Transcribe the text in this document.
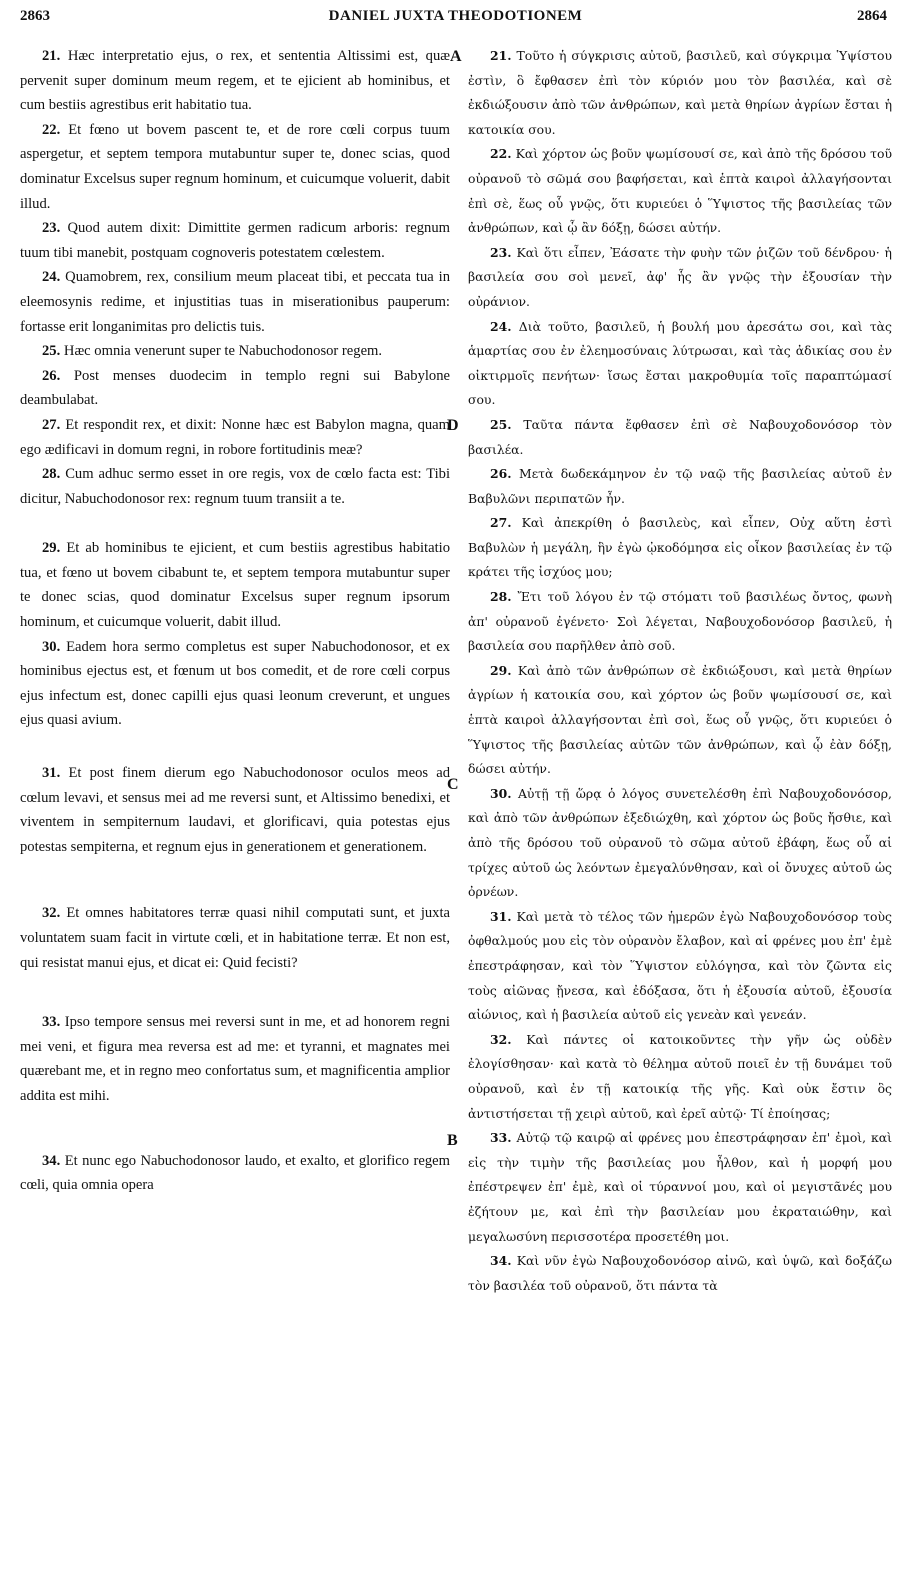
2863	DANIEL JUXTA THEODOTIONEM	2864
A
D
C
B

21. Hæc interpretatio ejus, o rex, et sententia Altissimi est, quæ pervenit super dominum meum regem, et te ejicient ab hominibus, et cum bestiis agrestibus erit habitatio tua.

22. Et fœno ut bovem pascent te, et de rore cœli corpus tuum aspergetur, et septem tempora mutabuntur super te, donec scias, quod dominatur Excelsus super regnum hominum, et cuicumque voluerit, dabit illud.

23. Quod autem dixit: Dimittite germen radicum arboris: regnum tuum tibi manebit, postquam cognoveris potestatem cœlestem.

24. Quamobrem, rex, consilium meum placeat tibi, et peccata tua in eleemosynis redime, et injustitias tuas in miserationibus pauperum: fortasse erit longanimitas pro delictis tuis.

25. Hæc omnia venerunt super te Nabuchodonosor regem.

26. Post menses duodecim in templo regni sui Babylone deambulabat.

27. Et respondit rex, et dixit: Nonne hæc est Babylon magna, quam ego ædificavi in domum regni, in robore fortitudinis meæ?

28. Cum adhuc sermo esset in ore regis, vox de cœlo facta est: Tibi dicitur, Nabuchodonosor rex: regnum tuum transiit a te.

29. Et ab hominibus te ejicient, et cum bestiis agrestibus habitatio tua, et fœno ut bovem cibabunt te, et septem tempora mutabuntur super te donec scias, quod dominatur Excelsus super regnum ipsorum hominum, et cuicumque voluerit, dabit illud.

30. Eadem hora sermo completus est super Nabuchodonosor, et ex hominibus ejectus est, et fœnum ut bos comedit, et de rore cœli corpus ejus infectum est, donec capilli ejus quasi leonum creverunt, et ungues ejus quasi avium.

31. Et post finem dierum ego Nabuchodonosor oculos meos ad cœlum levavi, et sensus mei ad me reversi sunt, et Altissimo benedixi, et viventem in sempiternum laudavi, et glorificavi, quia potestas ejus potestas sempiterna, et regnum ejus in generationem et generationem.

32. Et omnes habitatores terræ quasi nihil computati sunt, et juxta voluntatem suam facit in virtute cœli, et in habitatione terræ. Et non est, qui resistat manui ejus, et dicat ei: Quid fecisti?

33. Ipso tempore sensus mei reversi sunt in me, et ad honorem regni mei veni, et figura mea reversa est ad me: et tyranni, et magnates mei quærebant me, et in regno meo confortatus sum, et magnificentia amplior addita est mihi.

34. Et nunc ego Nabuchodonosor laudo, et exalto, et glorifico regem cœli, quia omnia opera

21. Τοῦτο ἡ σύγκρισις αὐτοῦ, βασιλεῦ, καὶ σύγκριμα Ὑψίστου ἐστὶν, ὃ ἔφθασεν ἐπὶ τὸν κύριόν μου τὸν βασιλέα, καὶ σὲ ἐκδιώξουσιν ἀπὸ τῶν ἀνθρώπων, καὶ μετὰ θηρίων ἀγρίων ἔσται ἡ κατοικία σου.

22. Καὶ χόρτον ὡς βοῦν ψωμίσουσί σε, καὶ ἀπὸ τῆς δρόσου τοῦ οὐρανοῦ τὸ σῶμά σου βαφήσεται, καὶ ἑπτὰ καιροὶ ἀλλαγήσονται ἐπὶ σὲ, ἕως οὗ γνῷς, ὅτι κυριεύει ὁ Ὕψιστος τῆς βασιλείας τῶν ἀνθρώπων, καὶ ᾧ ἂν δόξῃ, δώσει αὐτήν.

23. Καὶ ὅτι εἶπεν, Ἐάσατε τὴν φυὴν τῶν ῥιζῶν τοῦ δένδρου· ἡ βασιλεία σου σοὶ μενεῖ, ἀφ' ἧς ἂν γνῷς τὴν ἐξουσίαν τὴν οὐράνιον.

24. Διὰ τοῦτο, βασιλεῦ, ἡ βουλή μου ἀρεσάτω σοι, καὶ τὰς ἁμαρτίας σου ἐν ἐλεημοσύναις λύτρωσαι, καὶ τὰς ἀδικίας σου ἐν οἰκτιρμοῖς πενήτων· ἴσως ἔσται μακροθυμία τοῖς παραπτώμασί σου.

25. Ταῦτα πάντα ἔφθασεν ἐπὶ σὲ Ναβουχοδονόσορ τὸν βασιλέα.

26. Μετὰ δωδεκάμηνον ἐν τῷ ναῷ τῆς βασιλείας αὐτοῦ ἐν Βαβυλῶνι περιπατῶν ἦν.

27. Καὶ ἀπεκρίθη ὁ βασιλεὺς, καὶ εἶπεν, Οὐχ αὕτη ἐστὶ Βαβυλὼν ἡ μεγάλη, ἣν ἐγὼ ᾠκοδόμησα εἰς οἶκον βασιλείας ἐν τῷ κράτει τῆς ἰσχύος μου;

28. Ἔτι τοῦ λόγου ἐν τῷ στόματι τοῦ βασιλέως ὄντος, φωνὴ ἀπ' οὐρανοῦ ἐγένετο· Σοὶ λέγεται, Ναβουχοδονόσορ βασιλεῦ, ἡ βασιλεία σου παρῆλθεν ἀπὸ σοῦ.

29. Καὶ ἀπὸ τῶν ἀνθρώπων σὲ ἐκδιώξουσι, καὶ μετὰ θηρίων ἀγρίων ἡ κατοικία σου, καὶ χόρτον ὡς βοῦν ψωμίσουσί σε, καὶ ἑπτὰ καιροὶ ἀλλαγήσονται ἐπὶ σοὶ, ἕως οὗ γνῷς, ὅτι κυριεύει ὁ Ὕψιστος τῆς βασιλείας αὐτῶν τῶν ἀνθρώπων, καὶ ᾧ ἐὰν δόξῃ, δώσει αὐτήν.

30. Αὐτῇ τῇ ὥρᾳ ὁ λόγος συνετελέσθη ἐπὶ Ναβουχοδονόσορ, καὶ ἀπὸ τῶν ἀνθρώπων ἐξεδιώχθη, καὶ χόρτον ὡς βοῦς ἤσθιε, καὶ ἀπὸ τῆς δρόσου τοῦ οὐρανοῦ τὸ σῶμα αὐτοῦ ἐβάφη, ἕως οὗ αἱ τρίχες αὐτοῦ ὡς λεόντων ἐμεγαλύνθησαν, καὶ οἱ ὄνυχες αὐτοῦ ὡς ὀρνέων.

31. Καὶ μετὰ τὸ τέλος τῶν ἡμερῶν ἐγὼ Ναβουχοδονόσορ τοὺς ὀφθαλμούς μου εἰς τὸν οὐρανὸν ἔλαβον, καὶ αἱ φρένες μου ἐπ' ἐμὲ ἐπεστράφησαν, καὶ τὸν Ὕψιστον εὐλόγησα, καὶ τὸν ζῶντα εἰς τοὺς αἰῶνας ᾔνεσα, καὶ ἐδόξασα, ὅτι ἡ ἐξουσία αὐτοῦ, ἐξουσία αἰώνιος, καὶ ἡ βασιλεία αὐτοῦ εἰς γενεὰν καὶ γενεάν.

32. Καὶ πάντες οἱ κατοικοῦντες τὴν γῆν ὡς οὐδὲν ἐλογίσθησαν· καὶ κατὰ τὸ θέλημα αὐτοῦ ποιεῖ ἐν τῇ δυνάμει τοῦ οὐρανοῦ, καὶ ἐν τῇ κατοικίᾳ τῆς γῆς. Καὶ οὐκ ἔστιν ὃς ἀντιστήσεται τῇ χειρὶ αὐτοῦ, καὶ ἐρεῖ αὐτῷ· Τί ἐποίησας;

33. Αὐτῷ τῷ καιρῷ αἱ φρένες μου ἐπεστράφησαν ἐπ' ἐμοὶ, καὶ εἰς τὴν τιμὴν τῆς βασιλείας μου ἦλθον, καὶ ἡ μορφή μου ἐπέστρεψεν ἐπ' ἐμὲ, καὶ οἱ τύραννοί μου, καὶ οἱ μεγιστᾶνές μου ἐζήτουν με, καὶ ἐπὶ τὴν βασιλείαν μου ἐκραταιώθην, καὶ μεγαλωσύνη περισσοτέρα προσετέθη μοι.

34. Καὶ νῦν ἐγὼ Ναβουχοδονόσορ αἰνῶ, καὶ ὑψῶ, καὶ δοξάζω τὸν βασιλέα τοῦ οὐρανοῦ, ὅτι πάντα τὰ
